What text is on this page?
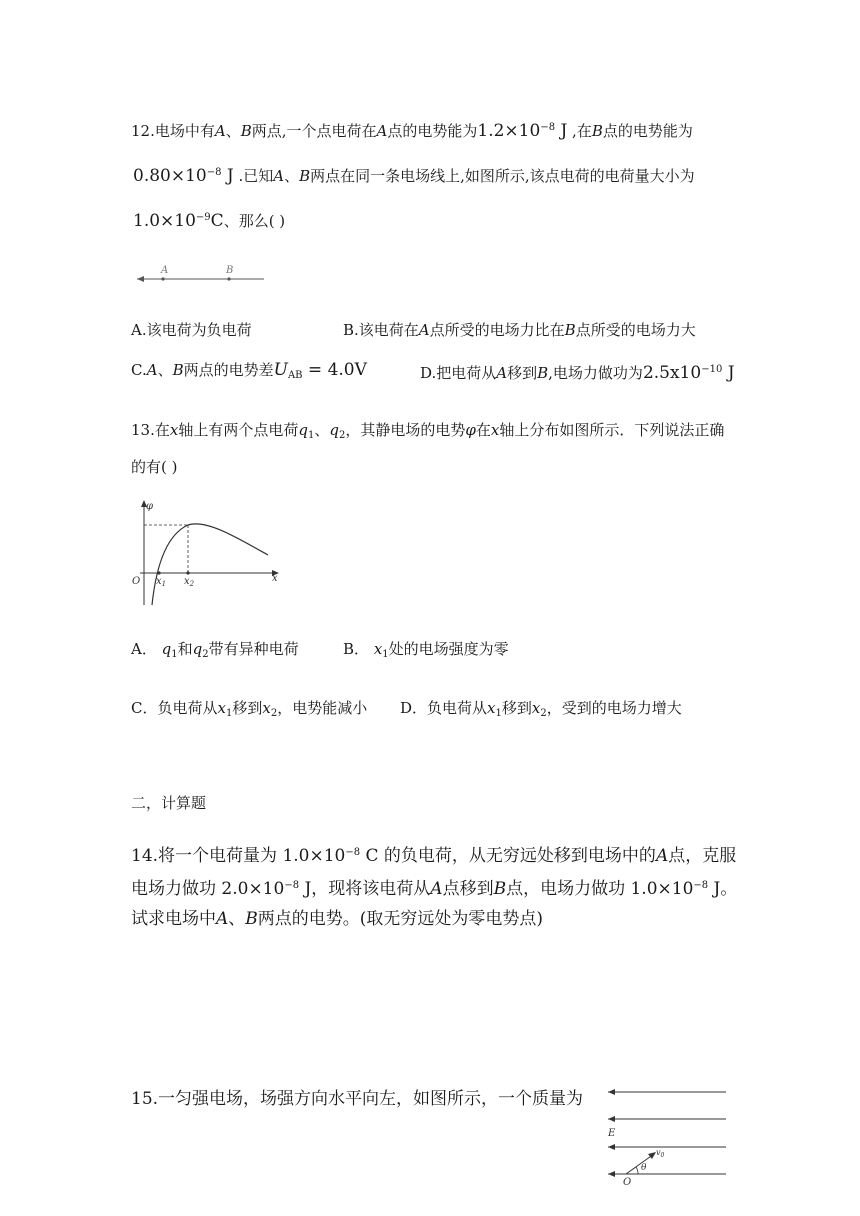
12.电场中有A、B两点,一个点电荷在A点的电势能为$1.2\times 10^{-8}$ J ,在B点的电势能为
$0.80\times 10^{-8}$ J .已知A、B两点在同一条电场线上,如图所示,该点电荷的电荷量大小为
$1.0\times 10^{-9}C$、那么( )
A	B
A.该电荷为负电荷	B.该电荷在A点所受的电场力比在B点所受的电场力大
C.A、B两点的电势差$U_{AB} = 4.0V$	D.把电荷从A移到B,电场力做功为$2.5x10^{-10}$ J
13.在x轴上有两个点电荷$q_1$、$q_2$，其静电场的电势φ在x轴上分布如图所示．下列说法正确
的有( )
φ
O	x
$x_1$ $x_2$
A． $q_1$和$q_2$带有异种电荷	B． $x_1$处的电场强度为零
C．负电荷从$x_1$移到$x_2$，电势能减小 D．负电荷从$x_1$移到$x_2$，受到的电场力增大
二，计算题
14.将一个电荷量为 $1.0\times 10^{-8}$ C 的负电荷，从无穷远处移到电场中的A点，克服
电场力做功 $2.0\times 10^{-8}$ J，现将该电荷从A点移到B点，电场力做功 $1.0\times 10^{-8}$ J。
试求电场中A、B两点的电势。(取无穷远处为零电势点)
15.一匀强电场，场强方向水平向左，如图所示，一个质量为
E
$v_0$
θ
O
